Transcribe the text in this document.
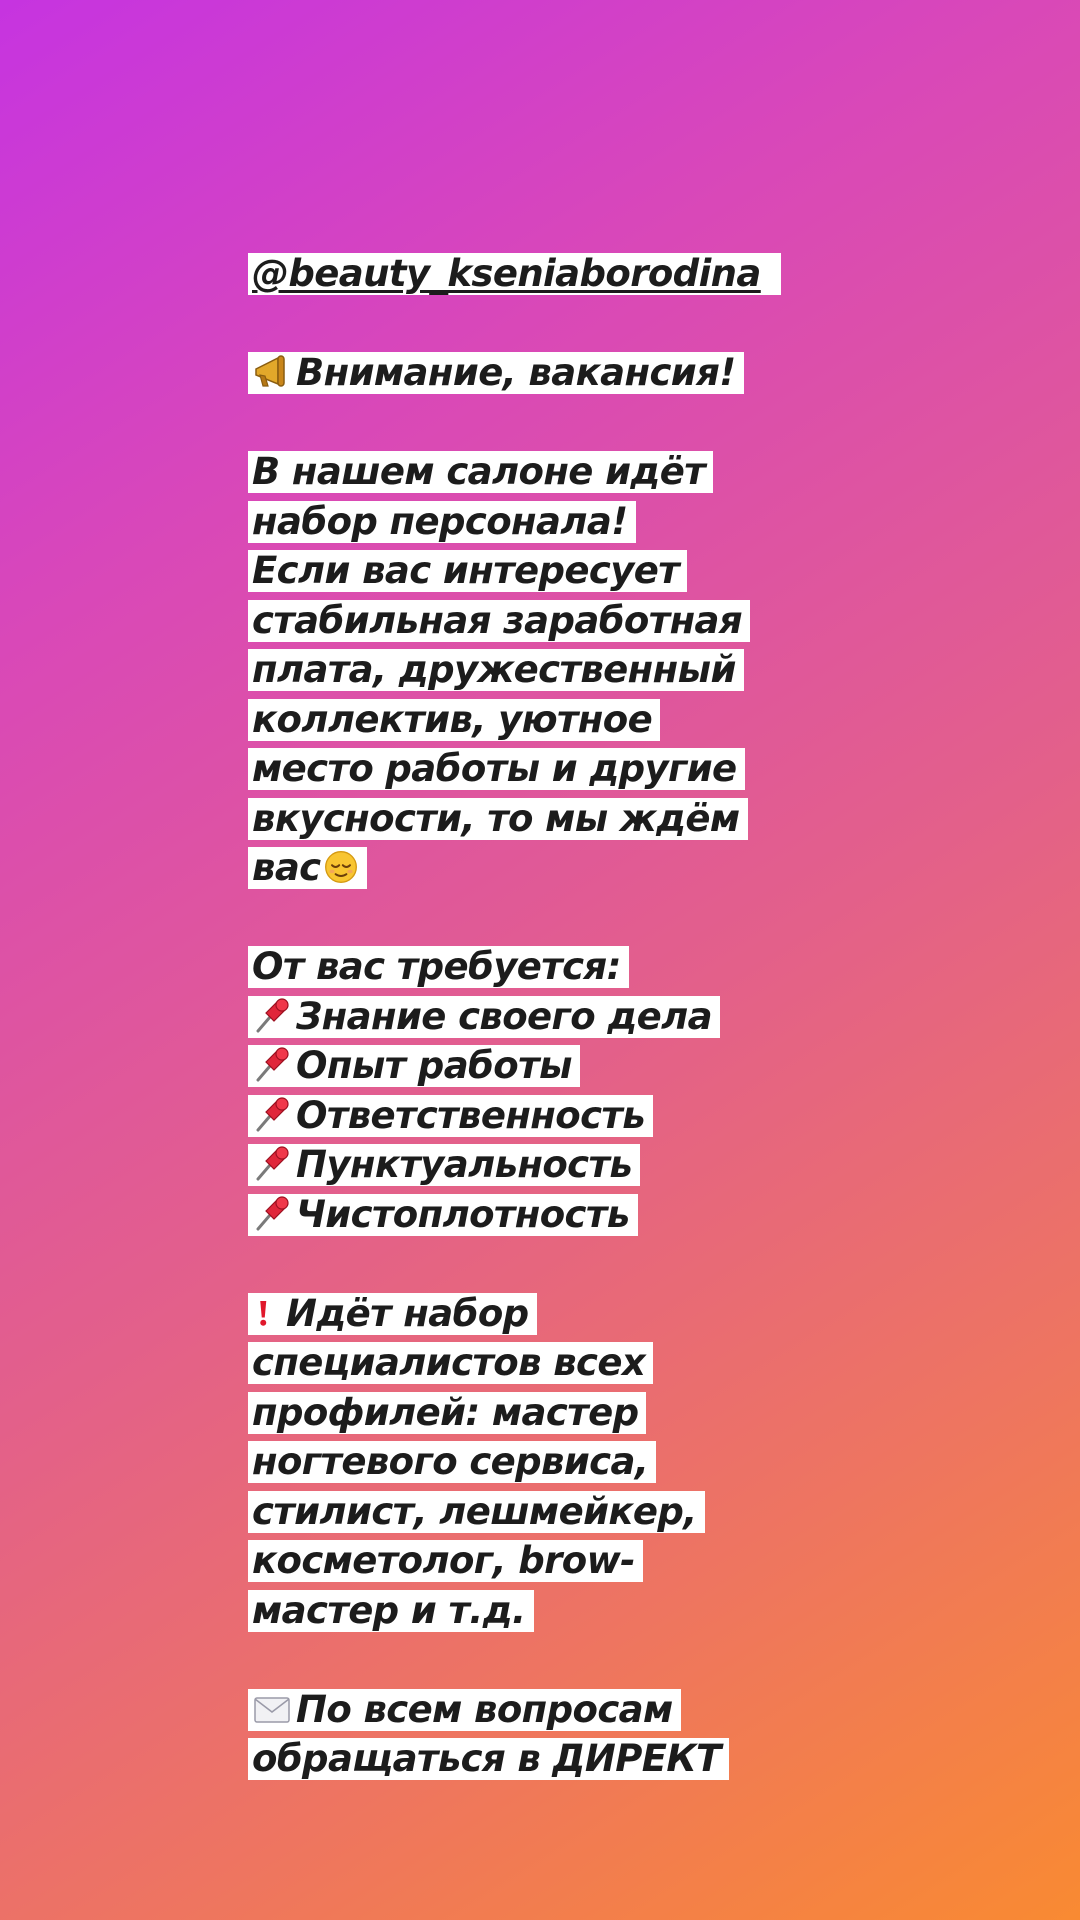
@beauty_kseniaborodina
Внимание, вакансия!
В нашем салоне идёт
набор персонала!
Если вас интересует
стабильная заработная
плата, дружественный
коллектив, уютное
место работы и другие
вкусности, то мы ждём
вас
От вас требуется:
Знание своего дела
Опыт работы
Ответственность
Пунктуальность
Чистоплотность
Идёт набор
специалистов всех
профилей: мастер
ногтевого сервиса,
стилист, лешмейкер,
косметолог, brow-
мастер и т.д.
По всем вопросам
обращаться в ДИРЕКТ
